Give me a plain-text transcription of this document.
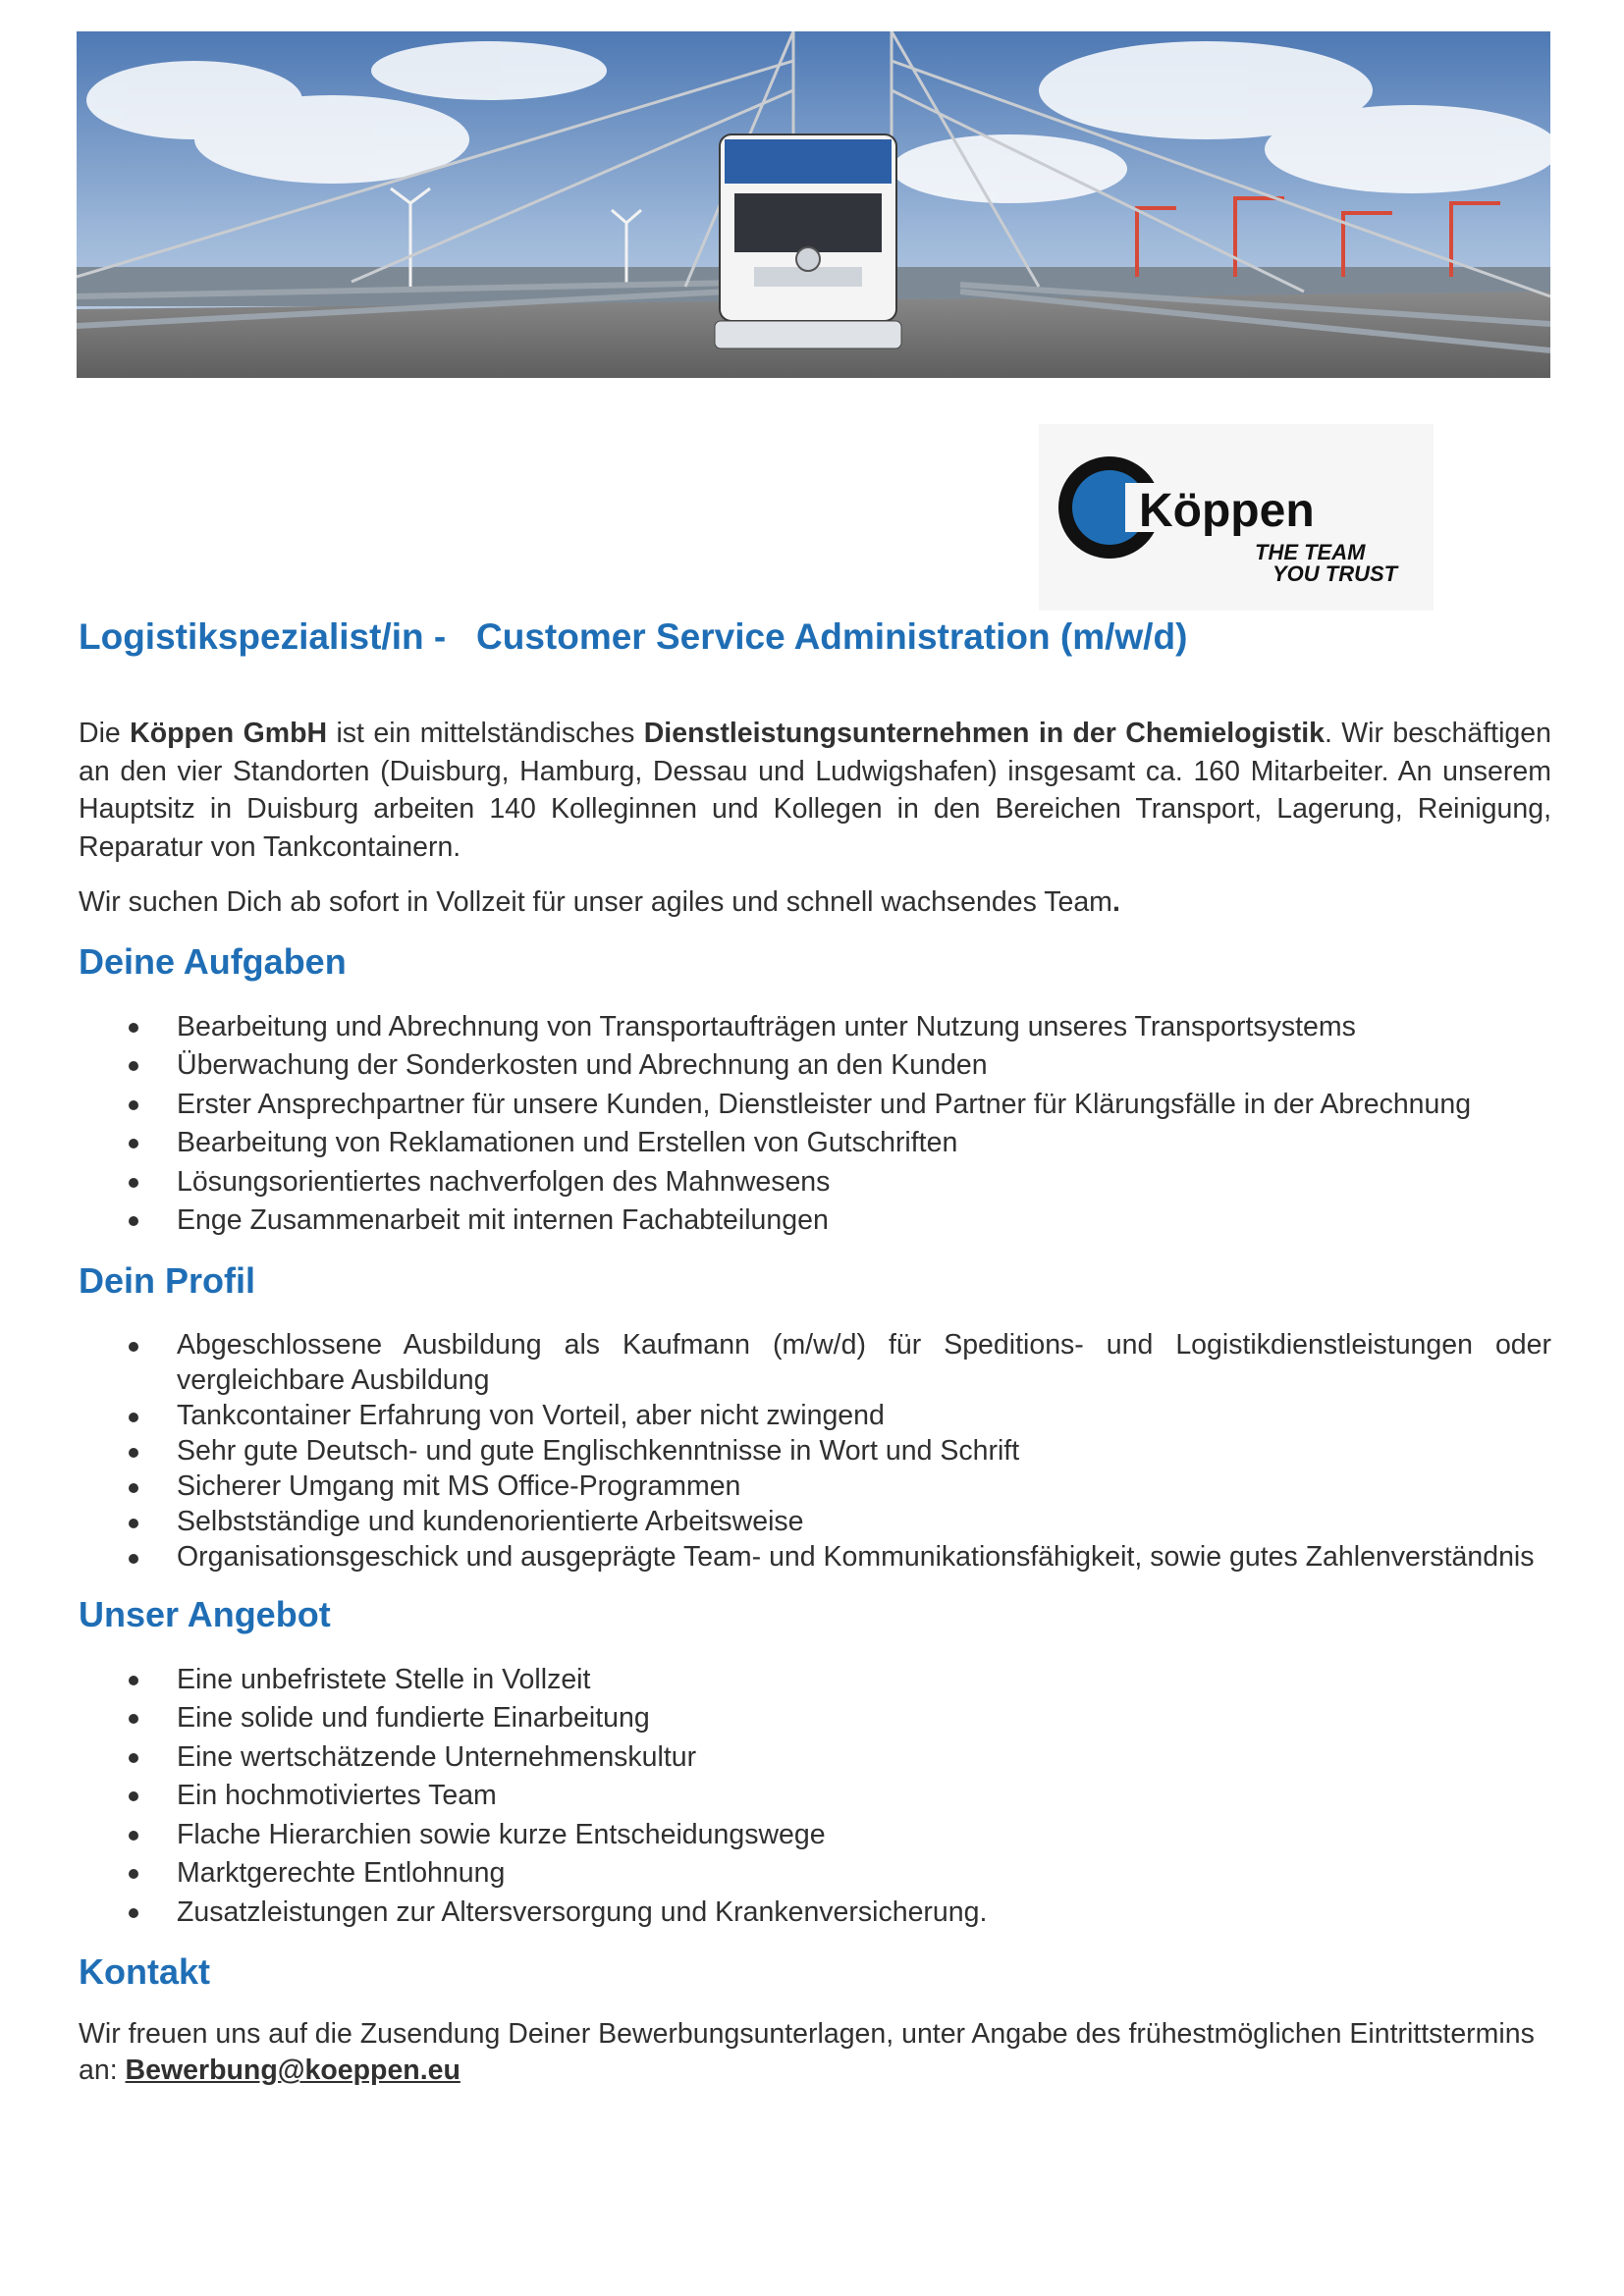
Köppen
THE TEAM
YOU TRUST
Logistikspezialist/in -   Customer Service Administration (m/w/d)

Die Köppen GmbH ist ein mittelständisches Dienstleistungsunternehmen in der Chemielogistik. Wir beschäftigen an den vier Standorten (Duisburg, Hamburg, Dessau und Ludwigshafen) insgesamt ca. 160 Mitarbeiter. An unserem Hauptsitz in Duisburg arbeiten 140 Kolleginnen und Kollegen in den Bereichen Transport, Lagerung, Reinigung, Reparatur von Tankcontainern.

Wir suchen Dich ab sofort in Vollzeit für unser agiles und schnell wachsendes Team.

Deine Aufgaben
Bearbeitung und Abrechnung von Transportaufträgen unter Nutzung unseres Transportsystems
Überwachung der Sonderkosten und Abrechnung an den Kunden
Erster Ansprechpartner für unsere Kunden, Dienstleister und Partner für Klärungsfälle in der Abrechnung
Bearbeitung von Reklamationen und Erstellen von Gutschriften
Lösungsorientiertes nachverfolgen des Mahnwesens
Enge Zusammenarbeit mit internen Fachabteilungen
Dein Profil
Abgeschlossene Ausbildung als Kaufmann (m/w/d) für Speditions- und Logistikdienstleistungen oder vergleichbare Ausbildung
Tankcontainer Erfahrung von Vorteil, aber nicht zwingend
Sehr gute Deutsch- und gute Englischkenntnisse in Wort und Schrift
Sicherer Umgang mit MS Office-Programmen
Selbstständige und kundenorientierte Arbeitsweise
Organisationsgeschick und ausgeprägte Team- und Kommunikationsfähigkeit, sowie gutes Zahlenverständnis
Unser Angebot
Eine unbefristete Stelle in Vollzeit
Eine solide und fundierte Einarbeitung
Eine wertschätzende Unternehmenskultur
Ein hochmotiviertes Team
Flache Hierarchien sowie kurze Entscheidungswege
Marktgerechte Entlohnung
Zusatzleistungen zur Altersversorgung und Krankenversicherung.
Kontakt

Wir freuen uns auf die Zusendung Deiner Bewerbungsunterlagen, unter Angabe des frühestmöglichen Eintrittstermins an: Bewerbung@koeppen.eu
